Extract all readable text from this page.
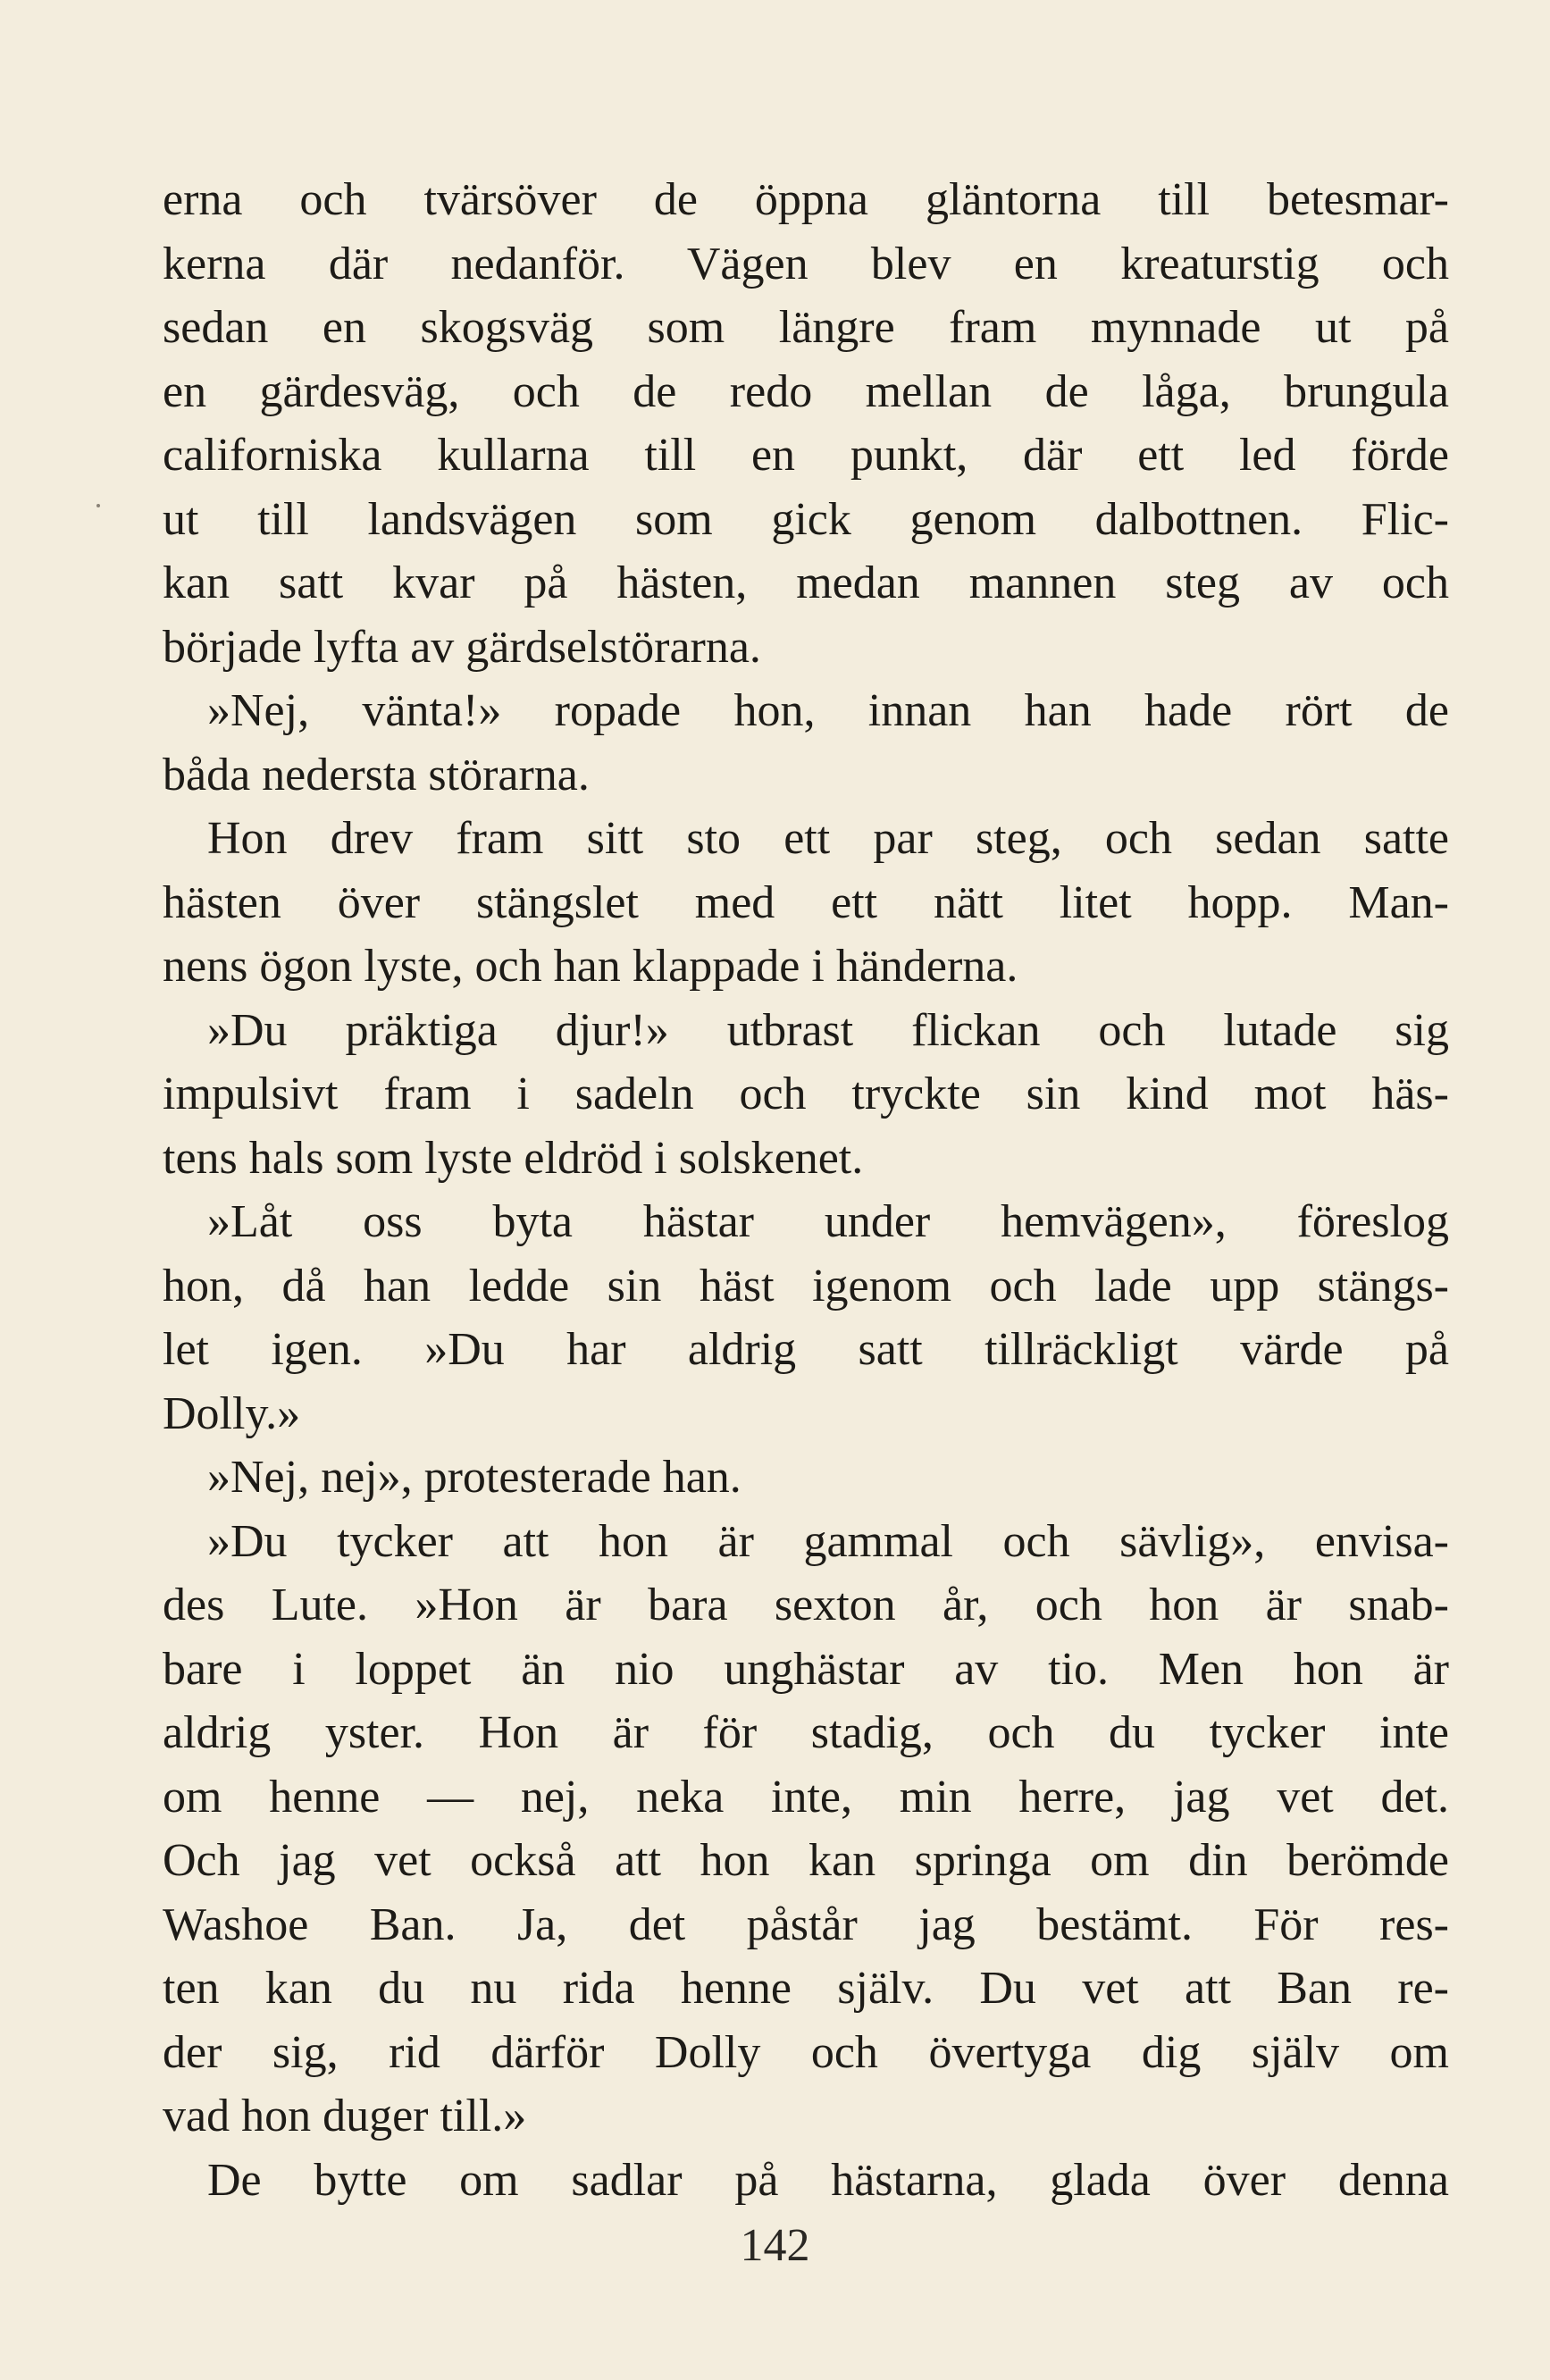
erna och tvärsöver de öppna gläntorna till betesmar-
kerna där nedanför. Vägen blev en kreaturstig och
sedan en skogsväg som längre fram mynnade ut på
en gärdesväg, och de redo mellan de låga, brungula
californiska kullarna till en punkt, där ett led förde
ut till landsvägen som gick genom dalbottnen. Flic-
kan satt kvar på hästen, medan mannen steg av och
började lyfta av gärdselstörarna.
»Nej, vänta!» ropade hon, innan han hade rört de
båda nedersta störarna.
Hon drev fram sitt sto ett par steg, och sedan satte
hästen över stängslet med ett nätt litet hopp. Man-
nens ögon lyste, och han klappade i händerna.
»Du präktiga djur!» utbrast flickan och lutade sig
impulsivt fram i sadeln och tryckte sin kind mot häs-
tens hals som lyste eldröd i solskenet.
»Låt oss byta hästar under hemvägen», föreslog
hon, då han ledde sin häst igenom och lade upp stängs-
let igen. »Du har aldrig satt tillräckligt värde på
Dolly.»
»Nej, nej», protesterade han.
»Du tycker att hon är gammal och sävlig», envisa-
des Lute. »Hon är bara sexton år, och hon är snab-
bare i loppet än nio unghästar av tio. Men hon är
aldrig yster. Hon är för stadig, och du tycker inte
om henne — nej, neka inte, min herre, jag vet det.
Och jag vet också att hon kan springa om din berömde
Washoe Ban. Ja, det påstår jag bestämt. För res-
ten kan du nu rida henne själv. Du vet att Ban re-
der sig, rid därför Dolly och övertyga dig själv om
vad hon duger till.»
De bytte om sadlar på hästarna, glada över denna
142
